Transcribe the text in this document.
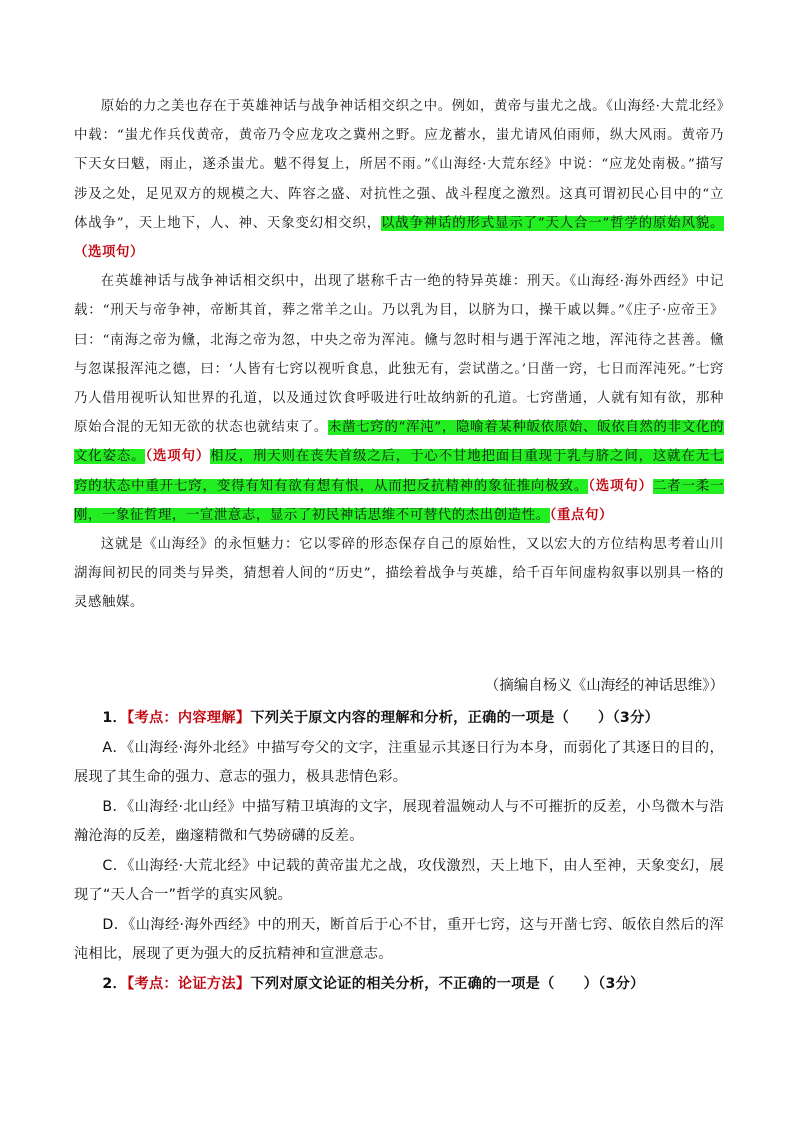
原始的力之美也存在于英雄神话与战争神话相交织之中。例如，黄帝与蚩尤之战。《山海经·大荒北经》中载：“蚩尤作兵伐黄帝，黄帝乃令应龙攻之冀州之野。应龙蓄水，蚩尤请风伯雨师，纵大风雨。黄帝乃下天女曰魃，雨止，遂杀蚩尤。魃不得复上，所居不雨。”《山海经·大荒东经》中说：“应龙处南极。”描写涉及之处，足见双方的规模之大、阵容之盛、对抗性之强、战斗程度之激烈。这真可谓初民心目中的“立体战争”，天上地下，人、神、天象变幻相交织，以战争神话的形式显示了“天人合一”哲学的原始风貌。（选项句）

在英雄神话与战争神话相交织中，出现了堪称千古一绝的特异英雄：刑天。《山海经·海外西经》中记载：“刑天与帝争神，帝断其首，葬之常羊之山。乃以乳为目，以脐为口，操干戚以舞。”《庄子·应帝王》曰：“南海之帝为儵，北海之帝为忽，中央之帝为浑沌。儵与忽时相与遇于浑沌之地，浑沌待之甚善。儵与忽谋报浑沌之德，曰：‘人皆有七窍以视听食息，此独无有，尝试凿之。’日凿一窍，七日而浑沌死。”七窍乃人借用视听认知世界的孔道，以及通过饮食呼吸进行吐故纳新的孔道。七窍凿通，人就有知有欲，那种原始合混的无知无欲的状态也就结束了。未凿七窍的“浑沌”，隐喻着某种皈依原始、皈依自然的非文化的文化姿态。（选项句）相反，刑天则在丧失首级之后，于心不甘地把面目重现于乳与脐之间，这就在无七窍的状态中重开七窍，变得有知有欲有想有恨，从而把反抗精神的象征推向极致。（选项句）二者一柔一刚，一象征哲理，一宣泄意志，显示了初民神话思维不可替代的杰出创造性。（重点句）

这就是《山海经》的永恒魅力：它以零碎的形态保存自己的原始性，又以宏大的方位结构思考着山川湖海间初民的同类与异类，猜想着人间的“历史”，描绘着战争与英雄，给千百年间虚构叙事以别具一格的灵感触媒。

（摘编自杨义《山海经的神话思维》）

1．【考点：内容理解】下列关于原文内容的理解和分析，正确的一项是（　　）（3分）

A．《山海经·海外北经》中描写夸父的文字，注重显示其逐日行为本身，而弱化了其逐日的目的，展现了其生命的强力、意志的强力，极具悲情色彩。

B．《山海经·北山经》中描写精卫填海的文字，展现着温婉动人与不可摧折的反差，小鸟微木与浩瀚沧海的反差，幽邃精微和气势磅礴的反差。

C．《山海经·大荒北经》中记载的黄帝蚩尤之战，攻伐激烈，天上地下，由人至神，天象变幻，展现了“天人合一”哲学的真实风貌。

D．《山海经·海外西经》中的刑天，断首后于心不甘，重开七窍，这与开凿七窍、皈依自然后的浑沌相比，展现了更为强大的反抗精神和宣泄意志。

2．【考点：论证方法】下列对原文论证的相关分析，不正确的一项是（　　）（3分）
